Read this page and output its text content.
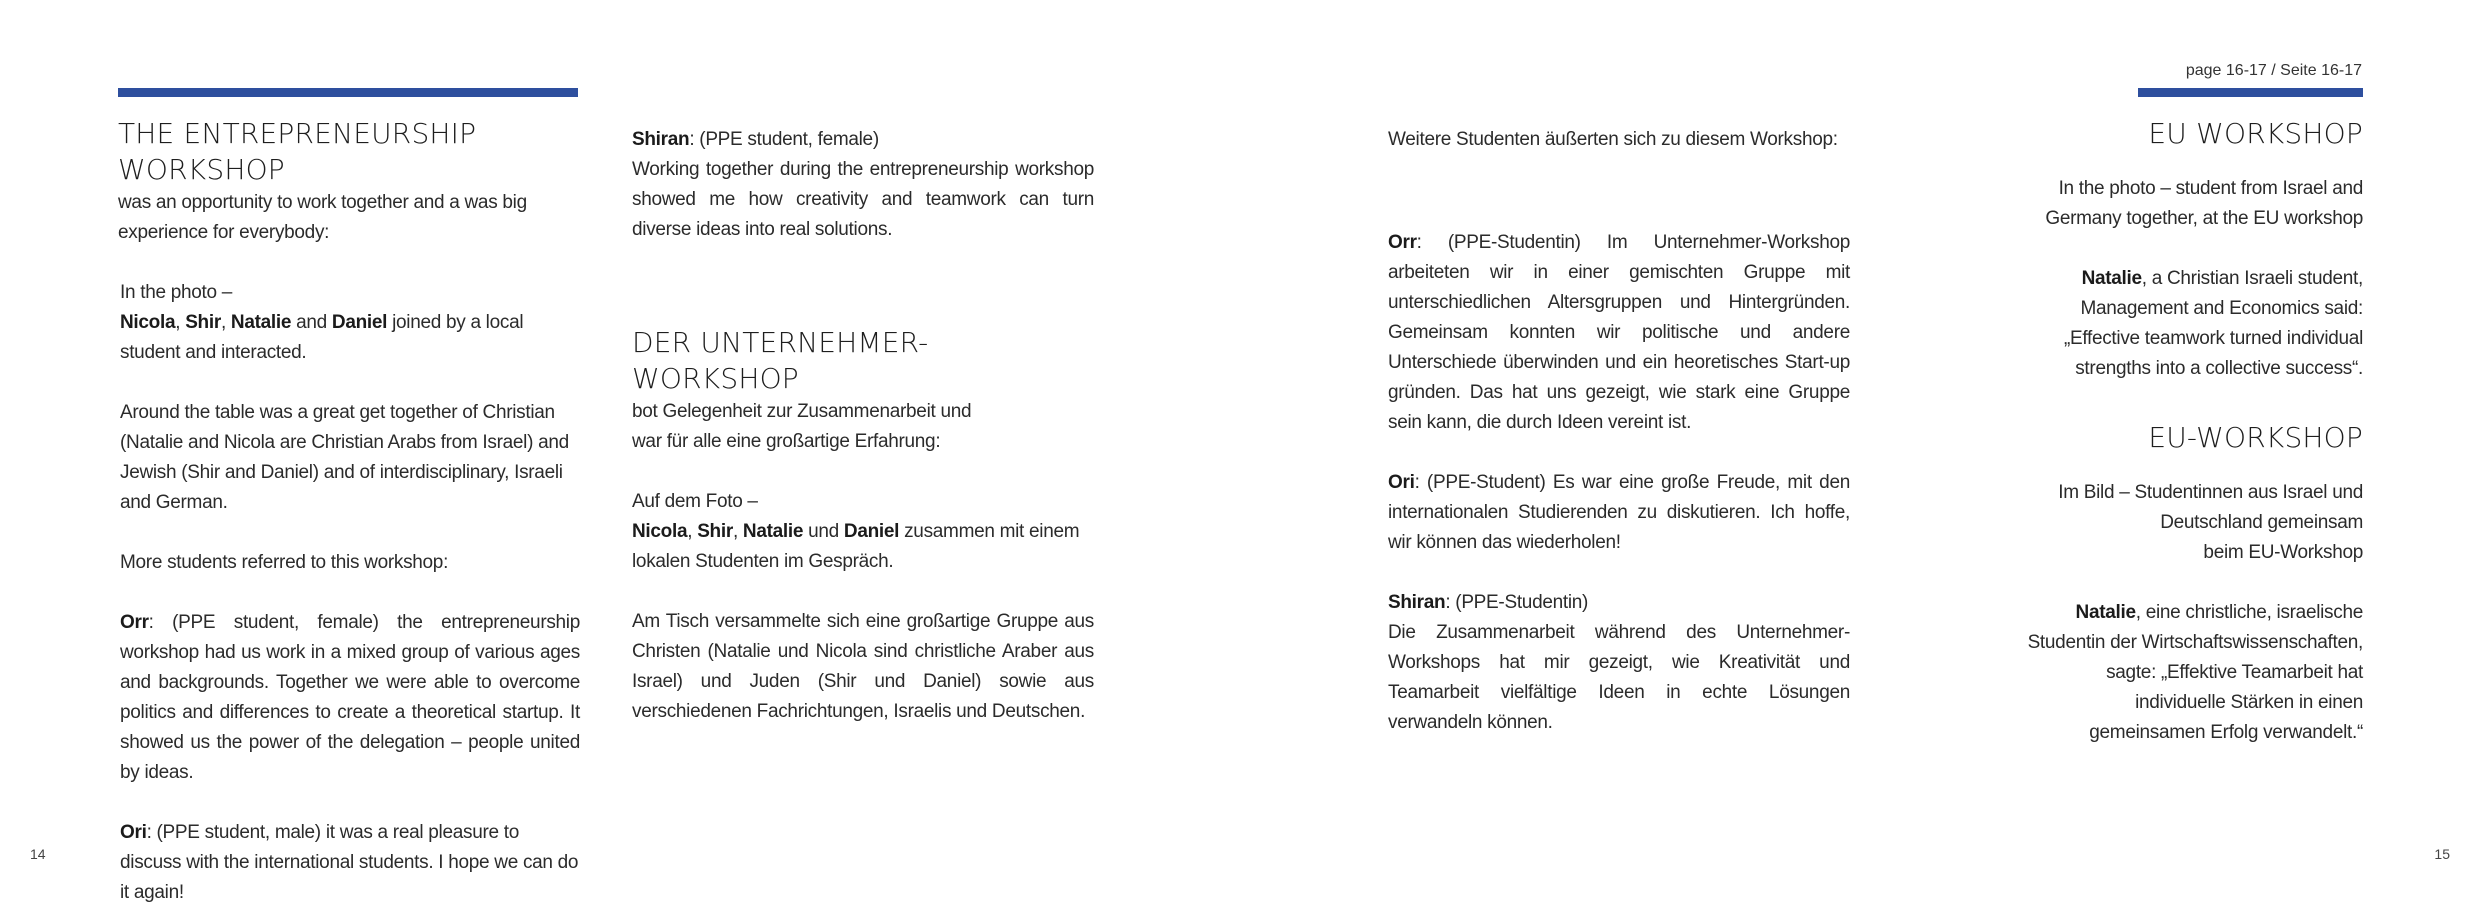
page 16-17 / Seite 16-17
THE ENTREPRENEURSHIP WORKSHOP

was an opportunity to work together and a was big
experience for everybody:

In the photo –
Nicola, Shir, Natalie and Daniel joined by a local student and interacted.

Around the table was a great get together of Christian (Natalie and Nicola are Christian Arabs from Israel) and Jewish (Shir and Daniel) and of interdisciplinary, Israeli and German.

More students referred to this workshop:

Orr: (PPE student, female) the entrepreneurship workshop had us work in a mixed group of various ages and backgrounds. Together we were able to overcome politics and differences to create a theoretical startup. It showed us the power of the delegation – people united by ideas.

Ori: (PPE student, male) it was a real pleasure to discuss with the international students. I hope we can do it again!

Shiran: (PPE student, female)
Working together during the entrepreneurship workshop showed me how creativity and teamwork can turn diverse ideas into real solutions.

DER UNTERNEHMER-WORKSHOP

bot Gelegenheit zur Zusammenarbeit und
war für alle eine großartige Erfahrung:

Auf dem Foto –
Nicola, Shir, Natalie und Daniel zusammen mit einem lokalen Studenten im Gespräch.

Am Tisch versammelte sich eine großartige Gruppe aus Christen (Natalie und Nicola sind christliche Araber aus Israel) und Juden (Shir und Daniel) sowie aus verschiedenen Fachrichtungen, Israelis und Deutschen.

Weitere Studenten äußerten sich zu diesem Workshop:

Orr: (PPE-Studentin) Im Unternehmer-Workshop arbeiteten wir in einer gemischten Gruppe mit unterschiedlichen Altersgruppen und Hintergründen. Gemeinsam konnten wir politische und andere Unterschiede überwinden und ein heoretisches Start-up gründen. Das hat uns gezeigt, wie stark eine Gruppe sein kann, die durch Ideen vereint ist.

Ori: (PPE-Student) Es war eine große Freude, mit den internationalen Studierenden zu diskutieren. Ich hoffe, wir können das wiederholen!

Shiran: (PPE-Studentin)
Die Zusammenarbeit während des Unternehmer-Workshops hat mir gezeigt, wie Kreativität und Teamarbeit vielfältige Ideen in echte Lösungen verwandeln können.

EU WORKSHOP

In the photo – student from Israel and
Germany together, at the EU workshop

Natalie, a Christian Israeli student,
Management and Economics said:
„Effective teamwork turned individual
strengths into a collective success“.

EU-WORKSHOP

Im Bild – Studentinnen aus Israel und
Deutschland gemeinsam
beim EU-Workshop

Natalie, eine christliche, israelische
Studentin der Wirtschaftswissenschaften,
sagte: „Effektive Teamarbeit hat
individuelle Stärken in einen
gemeinsamen Erfolg verwandelt.“

14	15
